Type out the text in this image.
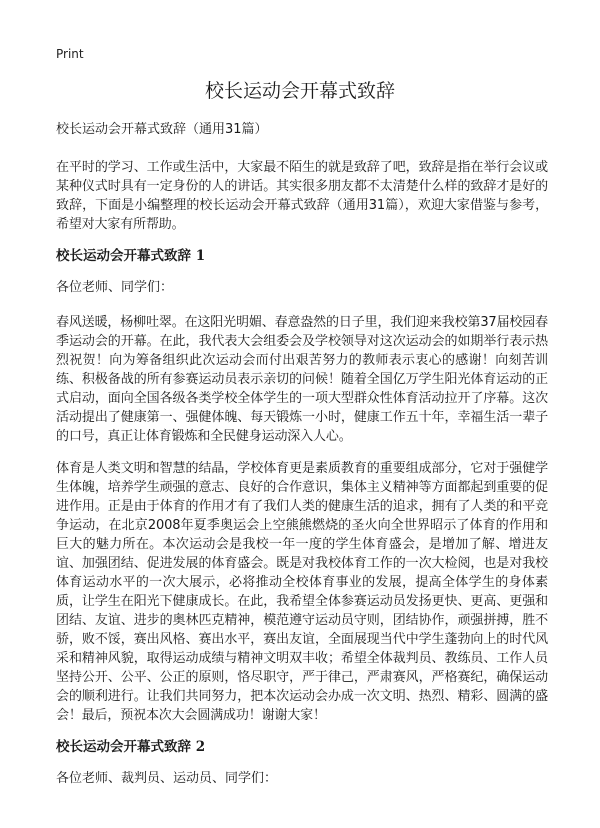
Print
校长运动会开幕式致辞

校长运动会开幕式致辞（通用31篇）

在平时的学习、工作或生活中，大家最不陌生的就是致辞了吧，致辞是指在举行会议或某种仪式时具有一定身份的人的讲话。其实很多朋友都不太清楚什么样的致辞才是好的致辞，下面是小编整理的校长运动会开幕式致辞（通用31篇），欢迎大家借鉴与参考，希望对大家有所帮助。

校长运动会开幕式致辞 1

各位老师、同学们：

春风送暖，杨柳吐翠。在这阳光明媚、春意盎然的日子里，我们迎来我校第37届校园春季运动会的开幕。在此，我代表大会组委会及学校领导对这次运动会的如期举行表示热烈祝贺！向为筹备组织此次运动会而付出艰苦努力的教师表示衷心的感谢！向刻苦训练、积极备战的所有参赛运动员表示亲切的问候！随着全国亿万学生阳光体育运动的正式启动，面向全国各级各类学校全体学生的一项大型群众性体育活动拉开了序幕。这次活动提出了健康第一、强健体魄、每天锻炼一小时，健康工作五十年，幸福生活一辈子的口号，真正让体育锻炼和全民健身运动深入人心。

体育是人类文明和智慧的结晶，学校体育更是素质教育的重要组成部分，它对于强健学生体魄，培养学生顽强的意志、良好的合作意识，集体主义精神等方面都起到重要的促进作用。正是由于体育的作用才有了我们人类的健康生活的追求，拥有了人类的和平竞争运动，在北京2008年夏季奥运会上空熊熊燃烧的圣火向全世界昭示了体育的作用和巨大的魅力所在。本次运动会是我校一年一度的学生体育盛会，是增加了解、增进友谊、加强团结、促进发展的体育盛会。既是对我校体育工作的一次大检阅，也是对我校体育运动水平的一次大展示，必将推动全校体育事业的发展，提高全体学生的身体素质，让学生在阳光下健康成长。在此，我希望全体参赛运动员发扬更快、更高、更强和团结、友谊、进步的奥林匹克精神，模范遵守运动员守则，团结协作，顽强拼搏，胜不骄，败不馁，赛出风格、赛出水平，赛出友谊，全面展现当代中学生蓬勃向上的时代风采和精神风貌，取得运动成绩与精神文明双丰收；希望全体裁判员、教练员、工作人员坚持公开、公平、公正的原则，恪尽职守，严于律己，严肃赛风，严格赛纪，确保运动会的顺利进行。让我们共同努力，把本次运动会办成一次文明、热烈、精彩、圆满的盛会！最后，预祝本次大会圆满成功！谢谢大家！

校长运动会开幕式致辞 2

各位老师、裁判员、运动员、同学们：
